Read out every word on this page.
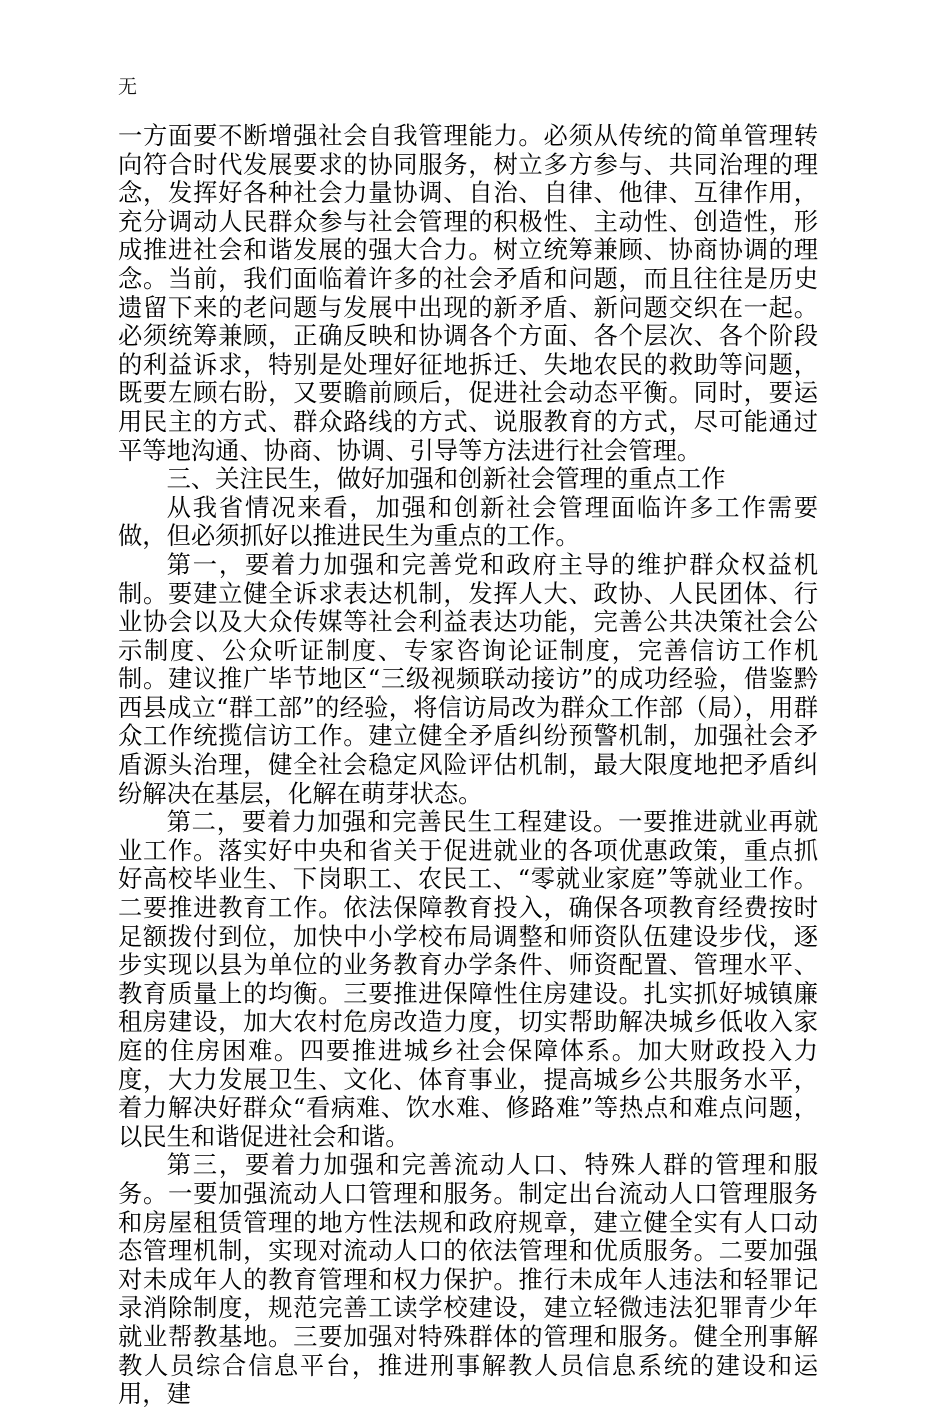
无

一方面要不断增强社会自我管理能力。必须从传统的简单管理转向符合时代发展要求的协同服务，树立多方参与、共同治理的理念，发挥好各种社会力量协调、自治、自律、他律、互律作用，充分调动人民群众参与社会管理的积极性、主动性、创造性，形成推进社会和谐发展的强大合力。树立统筹兼顾、协商协调的理念。当前，我们面临着许多的社会矛盾和问题，而且往往是历史遗留下来的老问题与发展中出现的新矛盾、新问题交织在一起。必须统筹兼顾，正确反映和协调各个方面、各个层次、各个阶段的利益诉求，特别是处理好征地拆迁、失地农民的救助等问题，既要左顾右盼，又要瞻前顾后，促进社会动态平衡。同时，要运用民主的方式、群众路线的方式、说服教育的方式，尽可能通过平等地沟通、协商、协调、引导等方法进行社会管理。

三、关注民生，做好加强和创新社会管理的重点工作

从我省情况来看，加强和创新社会管理面临许多工作需要做，但必须抓好以推进民生为重点的工作。

第一，要着力加强和完善党和政府主导的维护群众权益机制。要建立健全诉求表达机制，发挥人大、政协、人民团体、行业协会以及大众传媒等社会利益表达功能，完善公共决策社会公示制度、公众听证制度、专家咨询论证制度，完善信访工作机制。建议推广毕节地区“三级视频联动接访”的成功经验，借鉴黔西县成立“群工部”的经验，将信访局改为群众工作部（局），用群众工作统揽信访工作。建立健全矛盾纠纷预警机制，加强社会矛盾源头治理，健全社会稳定风险评估机制，最大限度地把矛盾纠纷解决在基层，化解在萌芽状态。

第二，要着力加强和完善民生工程建设。一要推进就业再就业工作。落实好中央和省关于促进就业的各项优惠政策，重点抓好高校毕业生、下岗职工、农民工、“零就业家庭”等就业工作。二要推进教育工作。依法保障教育投入，确保各项教育经费按时足额拨付到位，加快中小学校布局调整和师资队伍建设步伐，逐步实现以县为单位的业务教育办学条件、师资配置、管理水平、教育质量上的均衡。三要推进保障性住房建设。扎实抓好城镇廉租房建设，加大农村危房改造力度，切实帮助解决城乡低收入家庭的住房困难。四要推进城乡社会保障体系。加大财政投入力度，大力发展卫生、文化、体育事业，提高城乡公共服务水平，着力解决好群众“看病难、饮水难、修路难”等热点和难点问题，以民生和谐促进社会和谐。

第三，要着力加强和完善流动人口、特殊人群的管理和服务。一要加强流动人口管理和服务。制定出台流动人口管理服务和房屋租赁管理的地方性法规和政府规章，建立健全实有人口动态管理机制，实现对流动人口的依法管理和优质服务。二要加强对未成年人的教育管理和权力保护。推行未成年人违法和轻罪记录消除制度，规范完善工读学校建设，建立轻微违法犯罪青少年就业帮教基地。三要加强对特殊群体的管理和服务。健全刑事解教人员综合信息平台，推进刑事解教人员信息系统的建设和运用，建
